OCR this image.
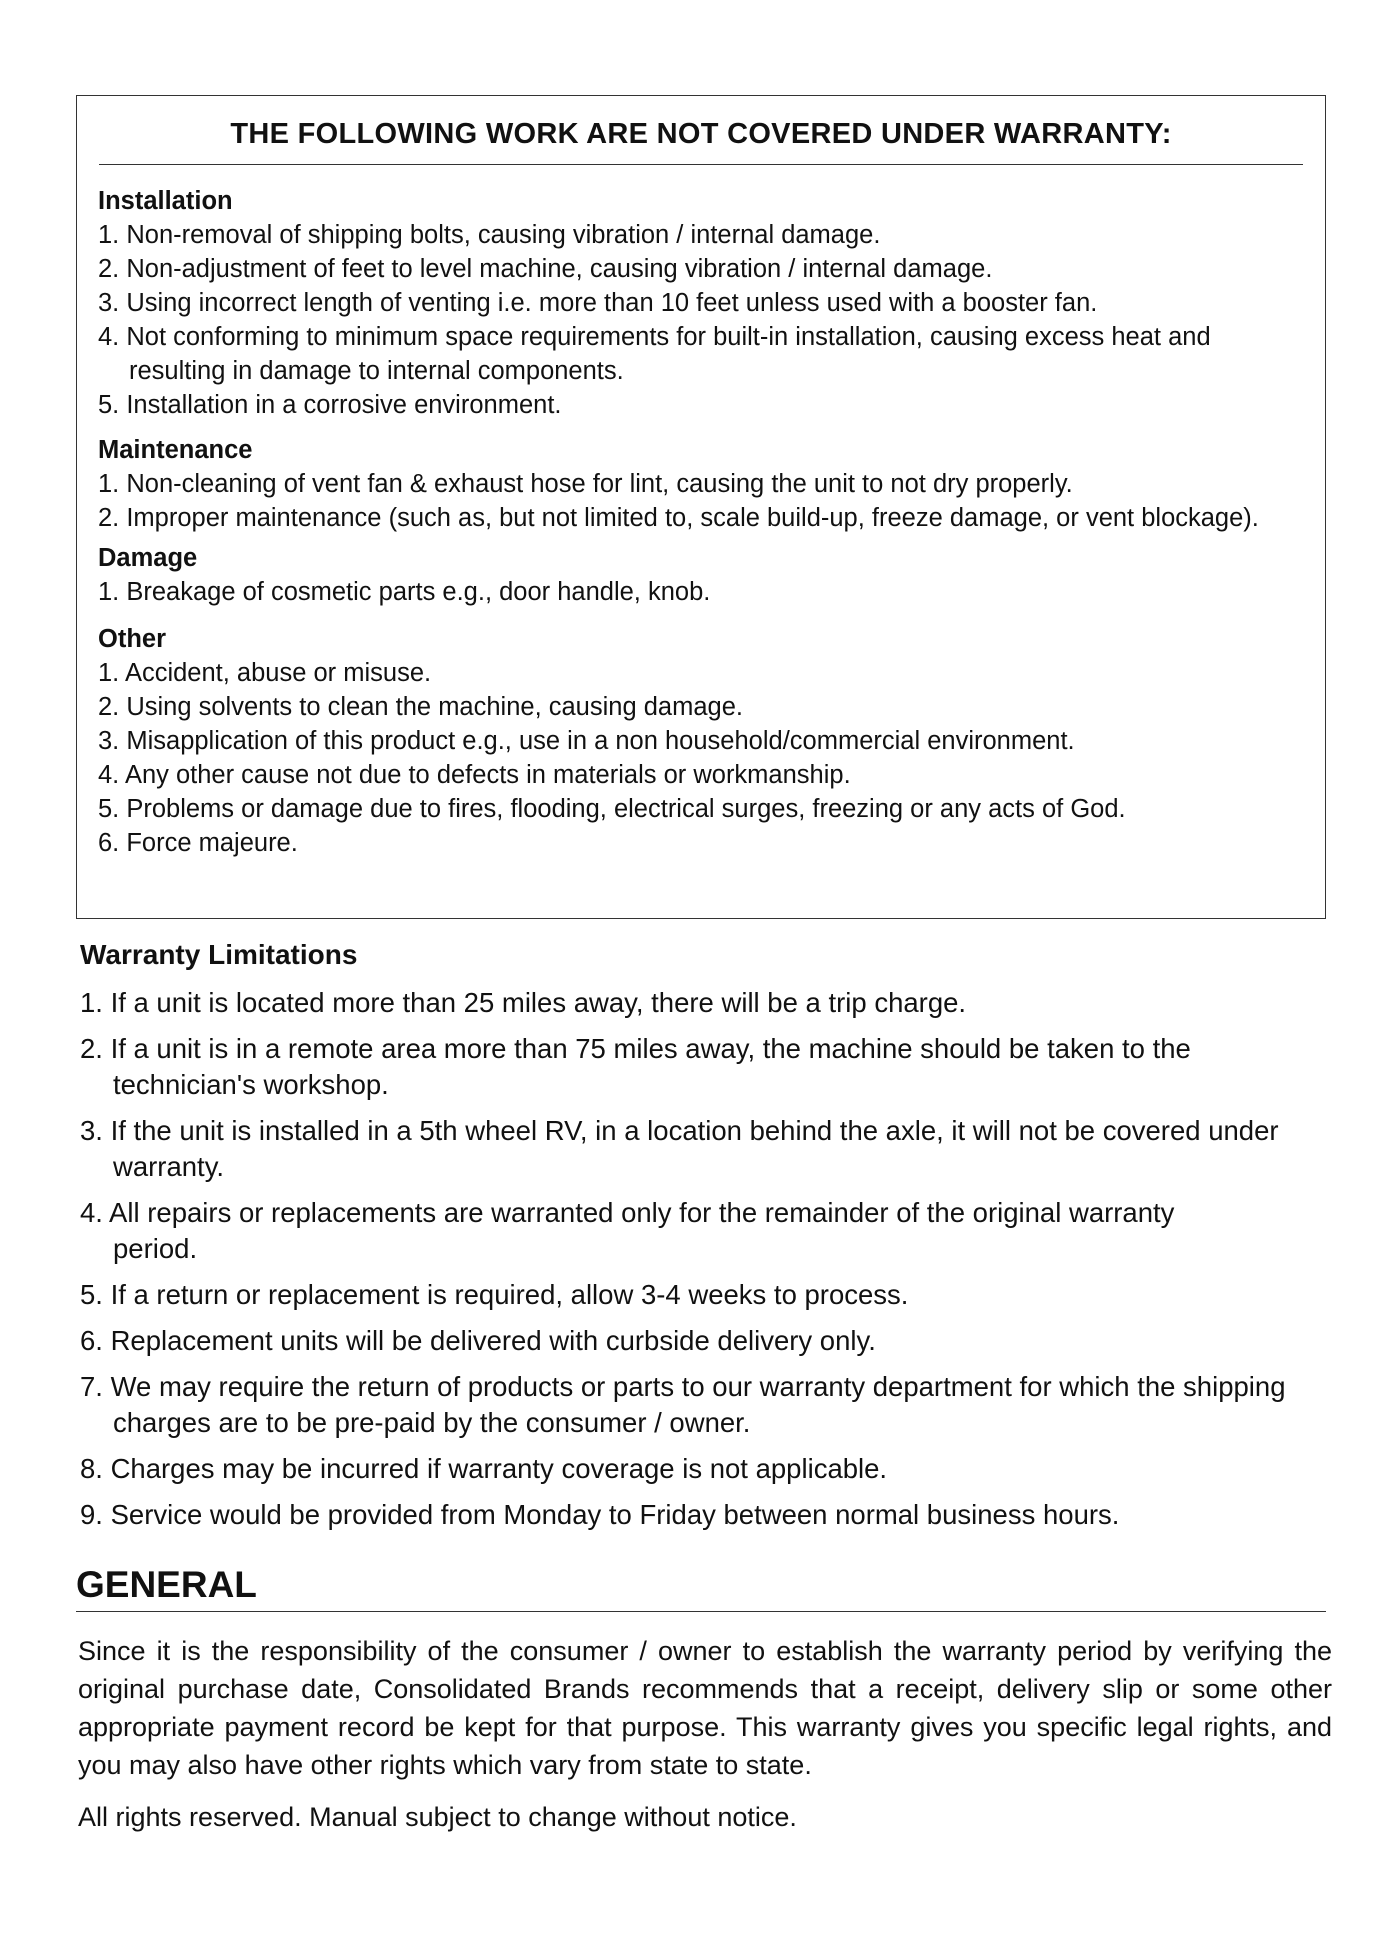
THE FOLLOWING WORK ARE NOT COVERED UNDER WARRANTY:
Installation
1. Non-removal of shipping bolts, causing vibration / internal damage.
2. Non-adjustment of feet to level machine, causing vibration / internal damage.
3. Using incorrect length of venting i.e. more than 10 feet unless used with a booster fan.
4. Not conforming to minimum space requirements for built-in installation, causing excess heat and resulting in damage to internal components.
5. Installation in a corrosive environment.
Maintenance
1. Non-cleaning of vent fan & exhaust hose for lint, causing the unit to not dry properly.
2. Improper maintenance (such as, but not limited to, scale build-up, freeze damage, or vent blockage).
Damage
1. Breakage of cosmetic parts e.g., door handle, knob.
Other
1. Accident, abuse or misuse.
2. Using solvents to clean the machine, causing damage.
3. Misapplication of this product e.g., use in a non household/commercial environment.
4. Any other cause not due to defects in materials or workmanship.
5. Problems or damage due to fires, flooding, electrical surges, freezing or any acts of God.
6. Force majeure.
Warranty Limitations
1. If a unit is located more than 25 miles away, there will be a trip charge.
2. If a unit is in a remote area more than 75 miles away, the machine should be taken to the technician's workshop.
3. If the unit is installed in a 5th wheel RV, in a location behind the axle, it will not be covered under warranty.
4. All repairs or replacements are warranted only for the remainder of the original warranty period.
5. If a return or replacement is required, allow 3-4 weeks to process.
6. Replacement units will be delivered with curbside delivery only.
7. We may require the return of products or parts to our warranty department for which the shipping charges are to be pre-paid by the consumer / owner.
8. Charges may be incurred if warranty coverage is not applicable.
9. Service would be provided from Monday to Friday between normal business hours.
GENERAL

Since it is the responsibility of the consumer / owner to establish the warranty period by verifying the original purchase date, Consolidated Brands recommends that a receipt, delivery slip or some other appropriate payment record be kept for that purpose. This warranty gives you specific legal rights, and you may also have other rights which vary from state to state.

All rights reserved. Manual subject to change without notice.
